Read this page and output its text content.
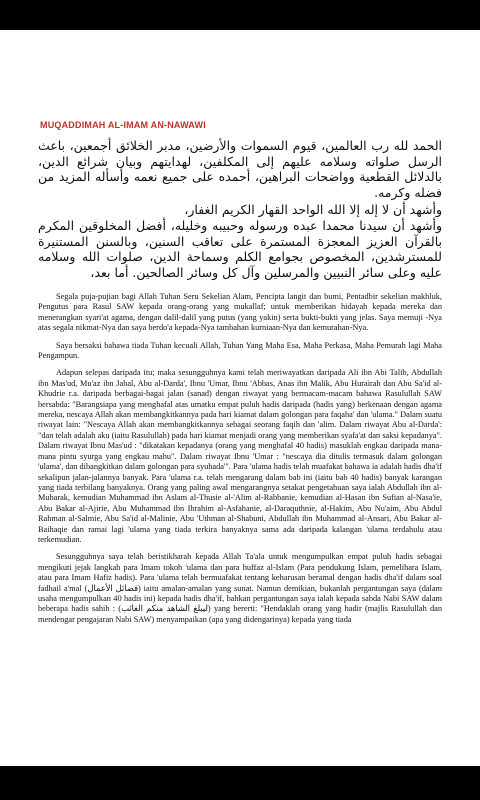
MUQADDIMAH AL-IMAM AN-NAWAWI

الحمد لله رب العالمين، قيوم السموات والأرضين، مدبر الخلائق أجمعين، باعث الرسل صلواته وسلامه عليهم إلى المكلفين، لهدايتهم وبيان شرائع الدين، بالدلائل القطعية وواضحات البراهين، أحمده على جميع نعمه وأسأله المزيد من فضله وكرمه.

وأشهد أن لا إله إلا الله الواحد القهار الكريم الغفار،

وأشهد أن سيدنا محمدا عبده ورسوله وحبيبه وخليله، أفضل المخلوقين المكرم بالقرآن العزيز المعجزة المستمرة على تعاقب السنين، وبالسنن المستنيرة للمسترشدين، المخصوص بجوامع الكلم وسماحة الدين، صلوات الله وسلامه عليه وعلى سائر النبيين والمرسلين وآل كل وسائر الصالحين. أما بعد،

Segala puja-pujian bagi Allah Tuhan Seru Sekelian Alam, Pencipta langit dan bumi, Pentadbir sekelian makhluk, Pengutus para Rasul SAW kepada orang-orang yang mukallaf; untuk memberikan hidayah kepada mereka dan menerangkan syari'at agama, dengan dalil-dalil yang putus (yang yakin) serta bukti-bukti yang jelas. Saya memuji -Nya atas segala nikmat-Nya dan saya berdo'a kepada-Nya tambahan kurniaan-Nya dan kemurahan-Nya.

Saya bersaksi bahawa tiada Tuhan kecuali Allah, Tuhan Yang Maha Esa, Maha Perkasa, Maha Pemurah lagi Maha Pengampun.

Adapun selepas daripada itu; maka sesungguhnya kami telah meriwayatkan daripada Ali ibn Abi Talib, Abdullah ibn Mas'ud, Mu'az ibn Jabal, Abu al-Darda', Ibnu 'Umar, Ibnu 'Abbas, Anas ibn Malik, Abu Hurairah dan Abu Sa'id al-Khudrie r.a. daripada berbagai-bagai jalan (sanad) dengan riwayat yang bermacam-macam bahawa Rasulullah SAW bersabda: "Barangsiapa yang menghafal atas umatku empat puluh hadis daripada (hadis yang) berkenaan dengan agama mereka, nescaya Allah akan membangkitkannya pada hari kiamat dalam golongan para faqaha' dan 'ulama." Dalam suatu riwayat lain: "Nescaya Allah akan membangkitkannya sebagai seorang faqih dan 'alim. Dalam riwayat Abu al-Darda': "dan telah adalah aku (iaitu Rasulullah) pada hari kiamat menjadi orang yang memberikan syafa'at dan saksi kepadanya". Dalam riwayat Ibnu Mas'ud : "dikatakan kepadanya (orang yang menghafal 40 hadis) masuklah engkau daripada mana-mana pintu syurga yang engkau mahu". Dalam riwayat Ibnu 'Umar : "nescaya dia ditulis termasuk dalam golongan 'ulama', dan dibangkitkan dalam golongan para syuhada'". Para 'ulama hadis telah muafakat bahawa ia adalah hadis dha'if sekalipun jalan-jalannya banyak. Para 'ulama r.a. telah mengarang dalam bab ini (iaitu bab 40 hadis) banyak karangan yang tiada terbilang banyaknya. Orang yang paling awal mengarangnya setakat pengetahuan saya ialah Abdullah ibn al-Mubarak, kemudian Muhammad ibn Aslam al-Thusie al-'Alim al-Rabbanie, kemudian al-Hasan ibn Sufian al-Nasa'ie, Abu Bakar al-Ajirie, Abu Muhammad ibn Ibrahim al-Asfahanie, al-Daraquthnie, al-Hakim, Abu Nu'aim, Abu Abdul Rahman al-Salmie, Abu Sa'id al-Malinie, Abu 'Uthman al-Shabuni, Abdullah ibn Muhammad al-Ansari, Abu Bakar al-Baihaqie dan ramai lagi 'ulama yang tiada terkira banyaknya sama ada daripada kalangan 'ulama terdahulu atau terkemudian.

Sesungguhnya saya telah beristikharah kepada Allah Ta'ala untuk mengumpulkan empat puluh hadis sebagai mengikuti jejak langkah para Imam tokoh 'ulama dan para huffaz al-Islam (Para pendukung Islam, pemelihara Islam, atau para Imam Hafiz hadis). Para 'ulama telah bermuafakat tentang keharusan beramal dengan hadis dha'if dalam soal fadhail a'mal (فضائل الأعمال) iaitu amalan-amalan yang sunat. Namun demikian, bukanlah pergantungan saya (dalam usaha mengumpulkan 40 hadis ini) kepada hadis dha'if, bahkan pergantungan saya ialah kepada sabda Nabi SAW dalam beberapa hadis sahih : (ليبلغ الشاهد منكم الغائب) yang bererti: "Hendaklah orang yang hadir (majlis Rasulullah dan mendengar pengajaran Nabi SAW) menyampaikan (apa yang didengarinya) kepada yang tiada
